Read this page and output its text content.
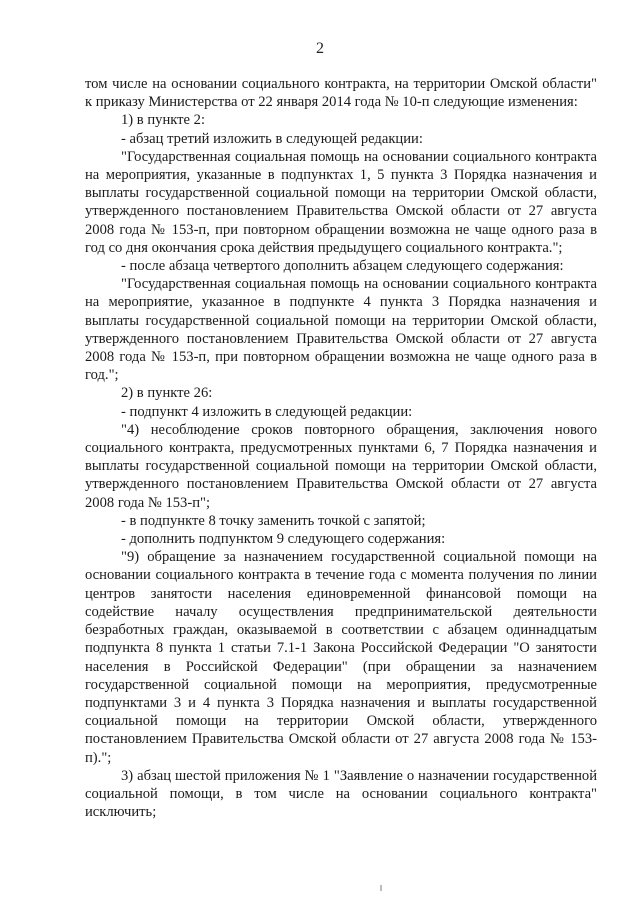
2

том числе на основании социального контракта, на территории Омской области" к приказу Министерства от 22 января 2014 года № 10-п следующие изменения:

1) в пункте 2:

- абзац третий изложить в следующей редакции:

"Государственная социальная помощь на основании социального контракта на мероприятия, указанные в подпунктах 1, 5 пункта 3 Порядка назначения и выплаты государственной социальной помощи на территории Омской области, утвержденного постановлением Правительства Омской области от 27 августа 2008 года № 153-п, при повторном обращении возможна не чаще одного раза в год со дня окончания срока действия предыдущего социального контракта.";

- после абзаца четвертого дополнить абзацем следующего содержания:

"Государственная социальная помощь на основании социального контракта на мероприятие, указанное в подпункте 4 пункта 3 Порядка назначения и выплаты государственной социальной помощи на территории Омской области, утвержденного постановлением Правительства Омской области от 27 августа 2008 года № 153-п, при повторном обращении возможна не чаще одного раза в год.";

2) в пункте 26:

- подпункт 4 изложить в следующей редакции:

"4) несоблюдение сроков повторного обращения, заключения нового социального контракта, предусмотренных пунктами 6, 7 Порядка назначения и выплаты государственной социальной помощи на территории Омской области, утвержденного постановлением Правительства Омской области от 27 августа 2008 года № 153-п";

- в подпункте 8 точку заменить точкой с запятой;

- дополнить подпунктом 9 следующего содержания:

"9) обращение за назначением государственной социальной помощи на основании социального контракта в течение года с момента получения по линии центров занятости населения единовременной финансовой помощи на содействие началу осуществления предпринимательской деятельности безработных граждан, оказываемой в соответствии с абзацем одиннадцатым подпункта 8 пункта 1 статьи 7.1-1 Закона Российской Федерации "О занятости населения в Российской Федерации" (при обращении за назначением государственной социальной помощи на мероприятия, предусмотренные подпунктами 3 и 4 пункта 3 Порядка назначения и выплаты государственной социальной помощи на территории Омской области, утвержденного постановлением Правительства Омской области от 27 августа 2008 года № 153-п).";

3) абзац шестой приложения № 1 "Заявление о назначении государственной социальной помощи, в том числе на основании социального контракта" исключить;
